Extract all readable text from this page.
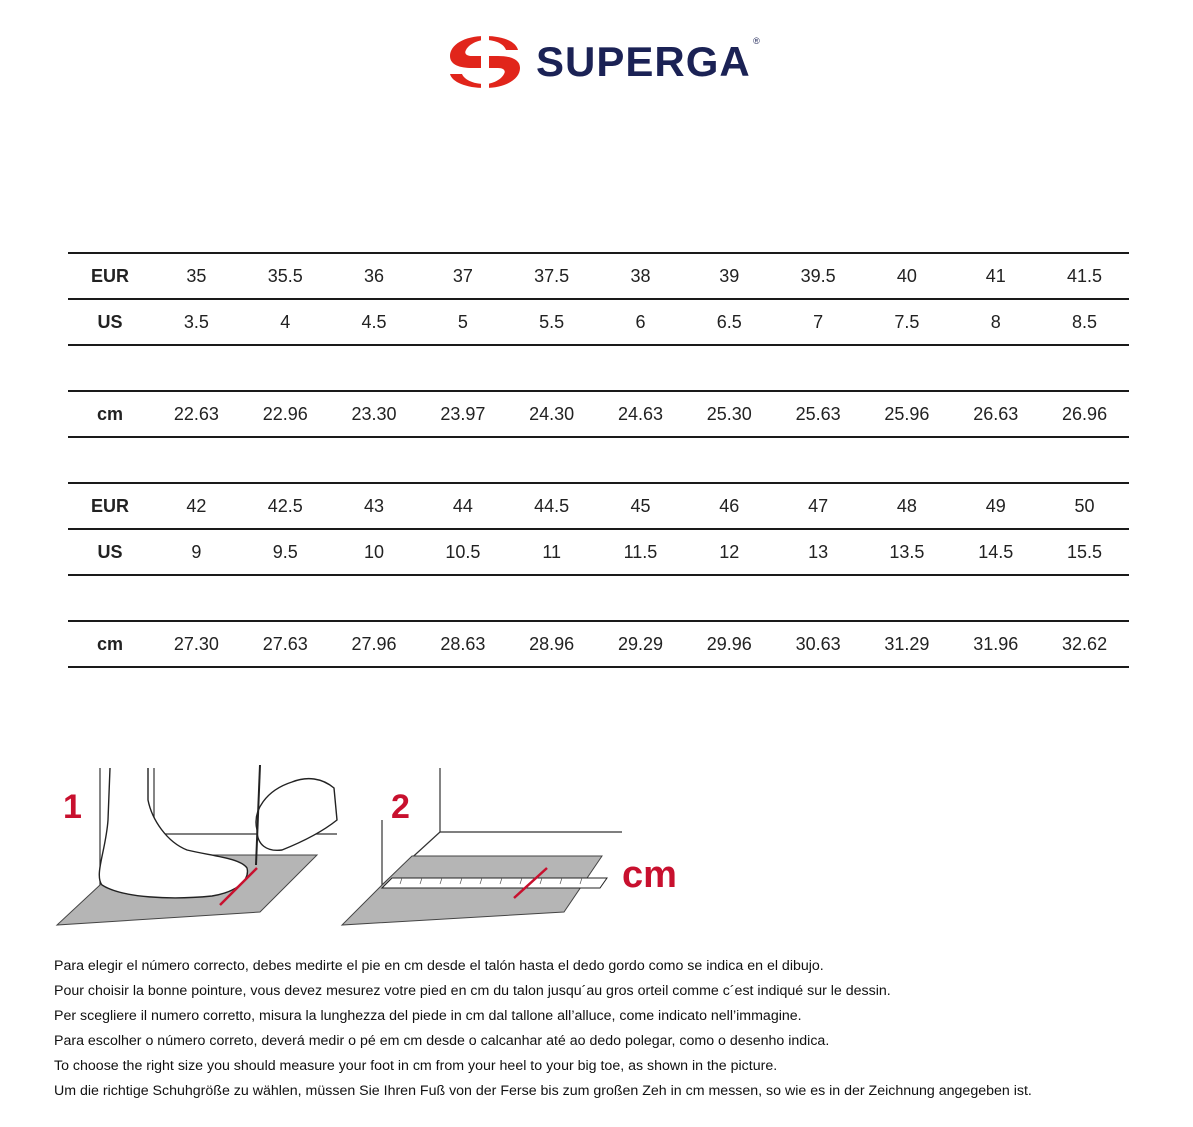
SUPERGA ®
EUR	35	35.5	36	37	37.5	38	39	39.5	40	41	41.5
US	3.5	4	4.5	5	5.5	6	6.5	7	7.5	8	8.5

cm	22.63	22.96	23.30	23.97	24.30	24.63	25.30	25.63	25.96	26.63	26.96

EUR	42	42.5	43	44	44.5	45	46	47	48	49	50
US	9	9.5	10	10.5	11	11.5	12	13	13.5	14.5	15.5

cm	27.30	27.63	27.96	28.63	28.96	29.29	29.96	30.63	31.29	31.96	32.62
1	2
cm
Para elegir el número correcto, debes medirte el pie en cm desde el talón hasta el dedo gordo como se indica en el dibujo.
Pour choisir la bonne pointure, vous devez mesurez votre pied en cm du talon jusqu´au gros orteil comme c´est indiqué sur le dessin.
Per scegliere il numero corretto, misura la lunghezza del piede in cm dal tallone all’alluce, come indicato nell’immagine.
Para escolher o número correto, deverá medir o pé em cm desde o calcanhar até ao dedo polegar, como o desenho indica.
To choose the right size you should measure your foot in cm from your heel to your big toe, as shown in the picture.
Um die richtige Schuhgröße zu wählen, müssen Sie Ihren Fuß von der Ferse bis zum großen Zeh in cm messen, so wie es in der Zeichnung angegeben ist.
